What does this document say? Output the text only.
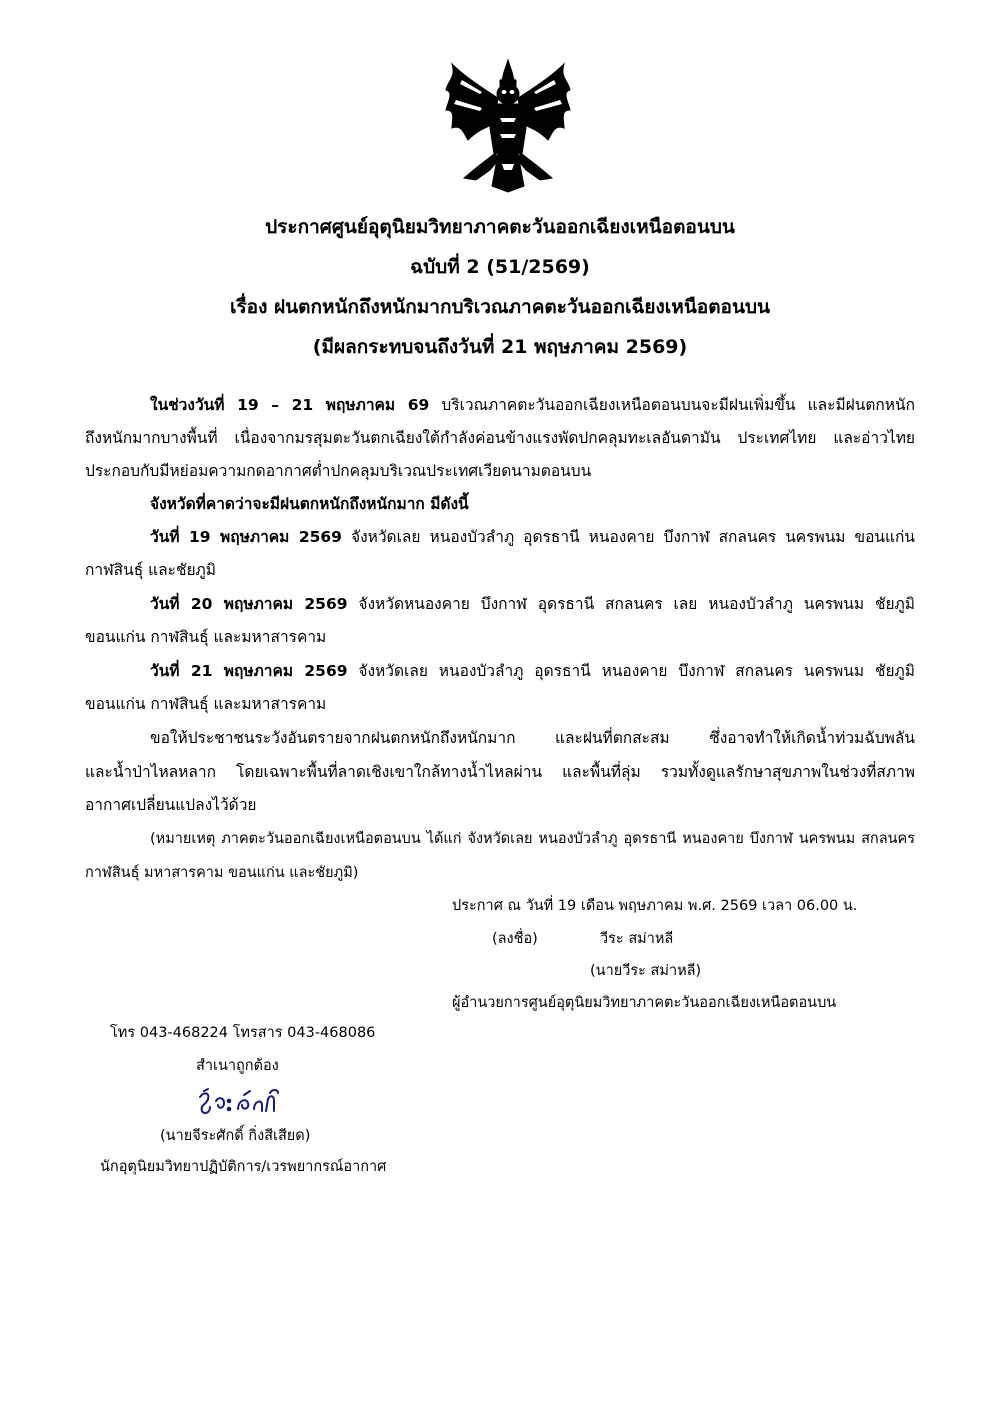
ประกาศศูนย์อุตุนิยมวิทยาภาคตะวันออกเฉียงเหนือตอนบน
ฉบับที่ 2 (51/2569)
เรื่อง ฝนตกหนักถึงหนักมากบริเวณภาคตะวันออกเฉียงเหนือตอนบน
(มีผลกระทบจนถึงวันที่ 21 พฤษภาคม 2569)
ในช่วงวันที่ 19 – 21 พฤษภาคม 69 บริเวณภาคตะวันออกเฉียงเหนือตอนบนจะมีฝนเพิ่มขึ้น และมีฝนตกหนัก
ถึงหนักมากบางพื้นที่ เนื่องจากมรสุมตะวันตกเฉียงใต้กำลังค่อนข้างแรงพัดปกคลุมทะเลอันดามัน ประเทศไทย และอ่าวไทย
ประกอบกับมีหย่อมความกดอากาศต่ำปกคลุมบริเวณประเทศเวียดนามตอนบน
จังหวัดที่คาดว่าจะมีฝนตกหนักถึงหนักมาก มีดังนี้
วันที่ 19 พฤษภาคม 2569 จังหวัดเลย หนองบัวลำภู อุดรธานี หนองคาย บึงกาฬ สกลนคร นครพนม ขอนแก่น
กาฬสินธุ์ และชัยภูมิ
วันที่ 20 พฤษภาคม 2569 จังหวัดหนองคาย บึงกาฬ อุดรธานี สกลนคร เลย หนองบัวลำภู นครพนม ชัยภูมิ
ขอนแก่น กาฬสินธุ์ และมหาสารคาม
วันที่ 21 พฤษภาคม 2569 จังหวัดเลย หนองบัวลำภู อุดรธานี หนองคาย บึงกาฬ สกลนคร นครพนม ชัยภูมิ
ขอนแก่น กาฬสินธุ์ และมหาสารคาม
ขอให้ประชาชนระวังอันตรายจากฝนตกหนักถึงหนักมาก และฝนที่ตกสะสม ซึ่งอาจทำให้เกิดน้ำท่วมฉับพลัน
และน้ำป่าไหลหลาก โดยเฉพาะพื้นที่ลาดเชิงเขาใกล้ทางน้ำไหลผ่าน และพื้นที่ลุ่ม รวมทั้งดูแลรักษาสุขภาพในช่วงที่สภาพ
อากาศเปลี่ยนแปลงไว้ด้วย
(หมายเหตุ ภาคตะวันออกเฉียงเหนือตอนบน ได้แก่ จังหวัดเลย หนองบัวลำภู อุดรธานี หนองคาย บึงกาฬ นครพนม สกลนคร
กาฬสินธุ์ มหาสารคาม ขอนแก่น และชัยภูมิ)
ประกาศ ณ วันที่ 19 เดือน พฤษภาคม พ.ศ. 2569 เวลา 06.00 น.
(ลงชื่อ)	วีระ สม่าหลี
(นายวีระ สม่าหลี)
ผู้อำนวยการศูนย์อุตุนิยมวิทยาภาคตะวันออกเฉียงเหนือตอนบน
โทร 043-468224 โทรสาร 043-468086
สำเนาถูกต้อง
(นายจีระศักดิ์ กิ่งสีเสียด)
นักอุตุนิยมวิทยาปฏิบัติการ/เวรพยากรณ์อากาศ
